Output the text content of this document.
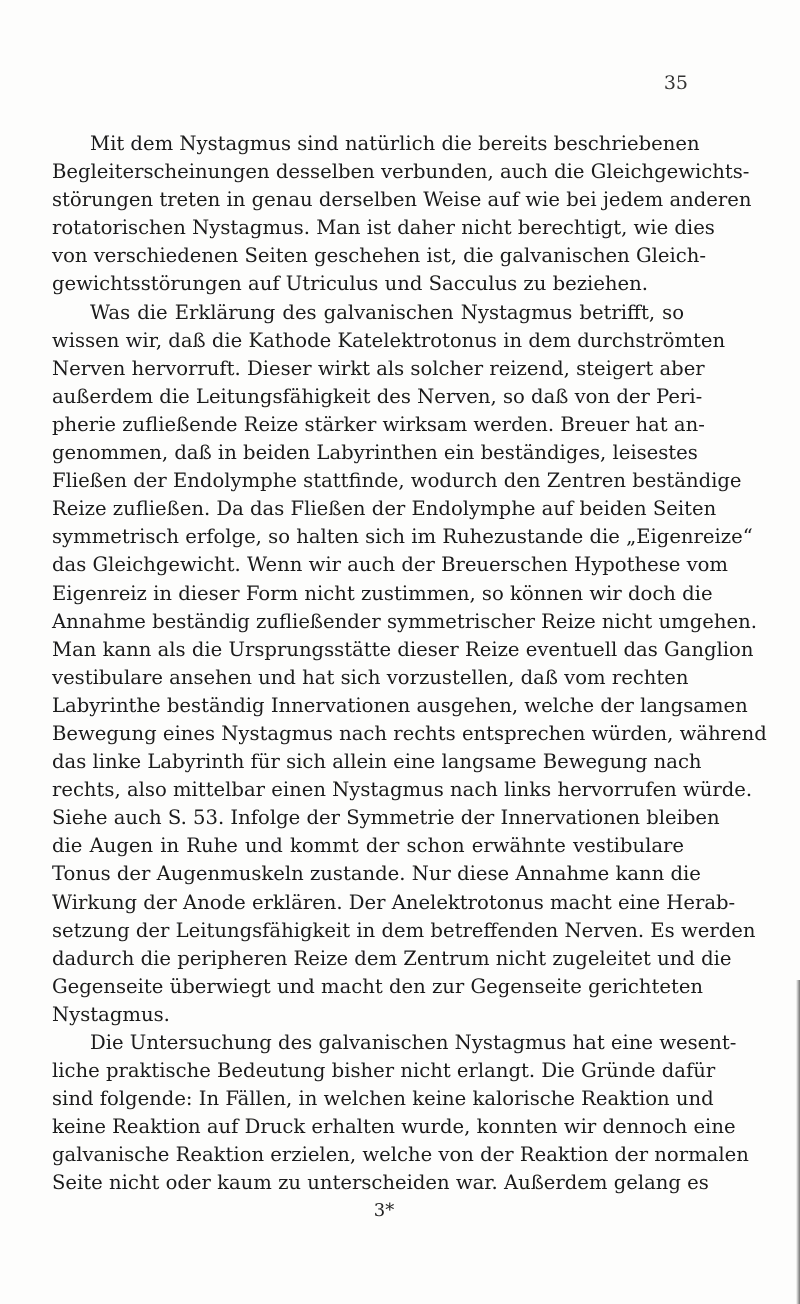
35
Mit dem Nystagmus sind natürlich die bereits beschriebenen
Begleiterscheinungen desselben verbunden, auch die Gleichgewichts-
störungen treten in genau derselben Weise auf wie bei jedem anderen
rotatorischen Nystagmus. Man ist daher nicht berechtigt, wie dies
von verschiedenen Seiten geschehen ist, die galvanischen Gleich-
gewichtsstörungen auf Utriculus und Sacculus zu beziehen.
Was die Erklärung des galvanischen Nystagmus betrifft, so
wissen wir, daß die Kathode Katelektrotonus in dem durchströmten
Nerven hervorruft. Dieser wirkt als solcher reizend, steigert aber
außerdem die Leitungsfähigkeit des Nerven, so daß von der Peri-
pherie zufließende Reize stärker wirksam werden. Breuer hat an-
genommen, daß in beiden Labyrinthen ein beständiges, leisestes
Fließen der Endolymphe stattfinde, wodurch den Zentren beständige
Reize zufließen. Da das Fließen der Endolymphe auf beiden Seiten
symmetrisch erfolge, so halten sich im Ruhezustande die „Eigenreize“
das Gleichgewicht. Wenn wir auch der Breuerschen Hypothese vom
Eigenreiz in dieser Form nicht zustimmen, so können wir doch die
Annahme beständig zufließender symmetrischer Reize nicht umgehen.
Man kann als die Ursprungsstätte dieser Reize eventuell das Ganglion
vestibulare ansehen und hat sich vorzustellen, daß vom rechten
Labyrinthe beständig Innervationen ausgehen, welche der langsamen
Bewegung eines Nystagmus nach rechts entsprechen würden, während
das linke Labyrinth für sich allein eine langsame Bewegung nach
rechts, also mittelbar einen Nystagmus nach links hervorrufen würde.
Siehe auch S. 53. Infolge der Symmetrie der Innervationen bleiben
die Augen in Ruhe und kommt der schon erwähnte vestibulare
Tonus der Augenmuskeln zustande. Nur diese Annahme kann die
Wirkung der Anode erklären. Der Anelektrotonus macht eine Herab-
setzung der Leitungsfähigkeit in dem betreffenden Nerven. Es werden
dadurch die peripheren Reize dem Zentrum nicht zugeleitet und die
Gegenseite überwiegt und macht den zur Gegenseite gerichteten
Nystagmus.
Die Untersuchung des galvanischen Nystagmus hat eine wesent-
liche praktische Bedeutung bisher nicht erlangt. Die Gründe dafür
sind folgende: In Fällen, in welchen keine kalorische Reaktion und
keine Reaktion auf Druck erhalten wurde, konnten wir dennoch eine
galvanische Reaktion erzielen, welche von der Reaktion der normalen
Seite nicht oder kaum zu unterscheiden war. Außerdem gelang es
3*
